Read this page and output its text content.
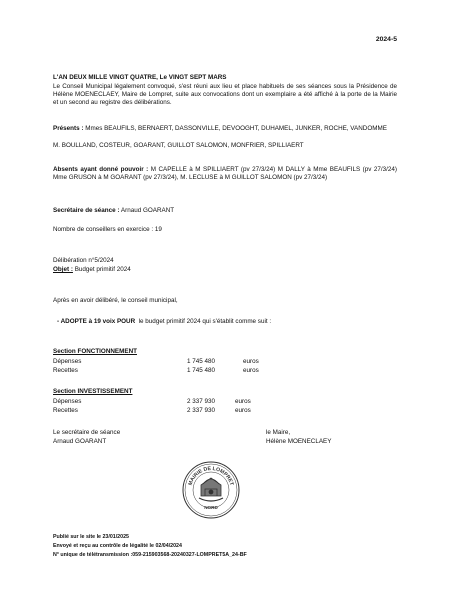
2024-5
L'AN DEUX MILLE VINGT QUATRE, Le VINGT SEPT MARS
Le Conseil Municipal légalement convoqué, s'est réuni aux lieu et place habituels de ses séances sous la Présidence de Hélène MOENECLAEY, Maire de Lompret, suite aux convocations dont un exemplaire a été affiché à la porte de la Mairie et un second au registre des délibérations.
Présents : Mmes BEAUFILS, BERNAERT, DASSONVILLE, DEVOOGHT, DUHAMEL, JUNKER, ROCHE, VANDOMME
M. BOULLAND, COSTEUR, GOARANT, GUILLOT SALOMON, MONFRIER, SPILLIAERT
Absents ayant donné pouvoir : M CAPELLE à M SPILLIAERT (pv 27/3/24) M DALLY à Mme BEAUFILS (pv 27/3/24) Mme GRUSON à M GOARANT (pv 27/3/24), M. LECLUSE à M GUILLOT SALOMON (pv 27/3/24)
Secrétaire de séance : Arnaud GOARANT
Nombre de conseillers en exercice : 19
Délibération n°5/2024
Objet : Budget primitif 2024
Après en avoir délibéré, le conseil municipal,
- ADOPTE à 19 voix POUR le budget primitif 2024 qui s'établit comme suit :
Section FONCTIONNEMENT
Dépenses	1 745 480	euros
Recettes	1 745 480	euros
Section INVESTISSEMENT
Dépenses	2 337 930	euros
Recettes	2 337 930	euros
Le secrétaire de séance
Arnaud GOARANT
le Maire,
Hélène MOENECLAEY
MAIRIE DE LOMPRET
NORD
Publié sur le site le 23/01/2025
Envoyé et reçu au contrôle de légalité le 02/04/2024
N° unique de télétransmission :059-215903568-20240327-LOMPRET5A_24-BF
